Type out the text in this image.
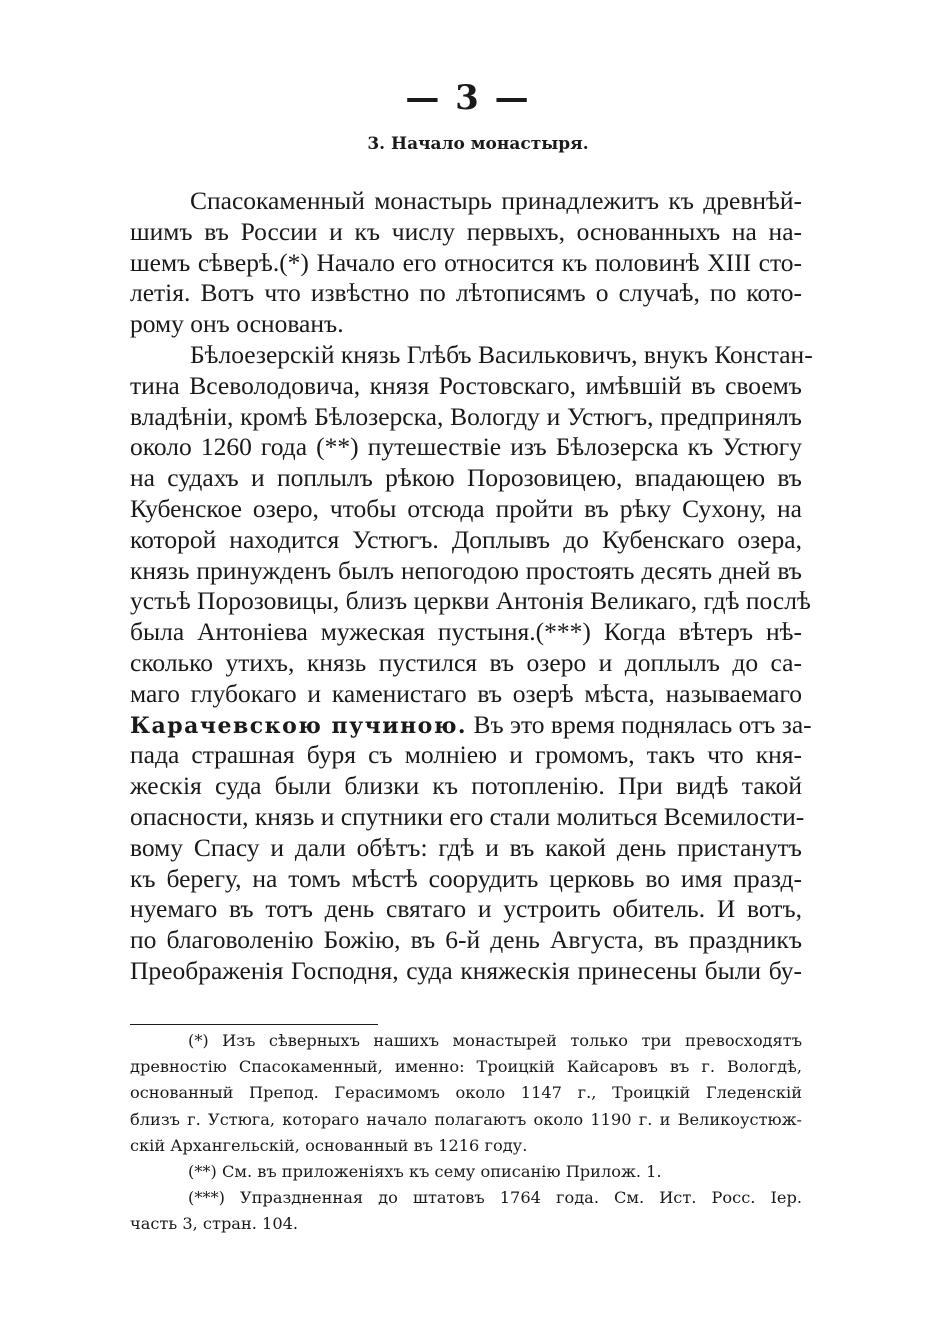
— 3 —
3. Начало монастыря.
Спасокаменный монастырь принадлежитъ къ древнѣй-
шимъ въ России и къ числу первыхъ, основанныхъ на на-
шемъ сѣверѣ.(*) Начало его относится къ половинѣ XIII сто-
летія. Вотъ что извѣстно по лѣтописямъ о случаѣ, по кото-
рому онъ основанъ.
Бѣлоезерскій князь Глѣбъ Васильковичъ, внукъ Констан-
тина Всеволодовича, князя Ростовскаго, имѣвшій въ своемъ
владѣніи, кромѣ Бѣлозерска, Вологду и Устюгъ, предпринялъ
около 1260 года (**) путешествіе изъ Бѣлозерска къ Устюгу
на судахъ и поплылъ рѣкою Порозовицею, впадающею въ
Кубенское озеро, чтобы отсюда пройти въ рѣку Сухону, на
которой находится Устюгъ. Доплывъ до Кубенскаго озера,
князь принужденъ былъ непогодою простоять десять дней въ
устьѣ Порозовицы, близъ церкви Антонія Великаго, гдѣ послѣ
была Антоніева мужеская пустыня.(***) Когда вѣтеръ нѣ-
сколько утихъ, князь пустился въ озеро и доплылъ до са-
маго глубокаго и каменистаго въ озерѣ мѣста, называемаго
Карачевскою пучиною. Въ это время поднялась отъ за-
пада страшная буря съ молніею и громомъ, такъ что кня-
жескія суда были близки къ потопленію. При видѣ такой
опасности, князь и спутники его стали молиться Всемилости-
вому Спасу и дали обѣтъ: гдѣ и въ какой день пристанутъ
къ берегу, на томъ мѣстѣ соорудить церковь во имя празд-
нуемаго въ тотъ день святаго и устроить обитель. И вотъ,
по благоволенію Божію, въ 6-й день Августа, въ праздникъ
Преображенія Господня, суда княжескія принесены были бу-
(*) Изъ сѣверныхъ нашихъ монастырей только три превосходятъ
древностію Спасокаменный, именно: Троицкій Кайсаровъ въ г. Вологдѣ,
основанный Препод. Герасимомъ около 1147 г., Троицкій Гледенскій
близъ г. Устюга, котораго начало полагаютъ около 1190 г. и Великоустюж-
скій Архангельскій, основанный въ 1216 году.
(**) См. въ приложеніяхъ къ сему описанію Прилож. 1.
(***) Упраздненная до штатовъ 1764 года. См. Ист. Росс. Іер.
часть 3, стран. 104.
